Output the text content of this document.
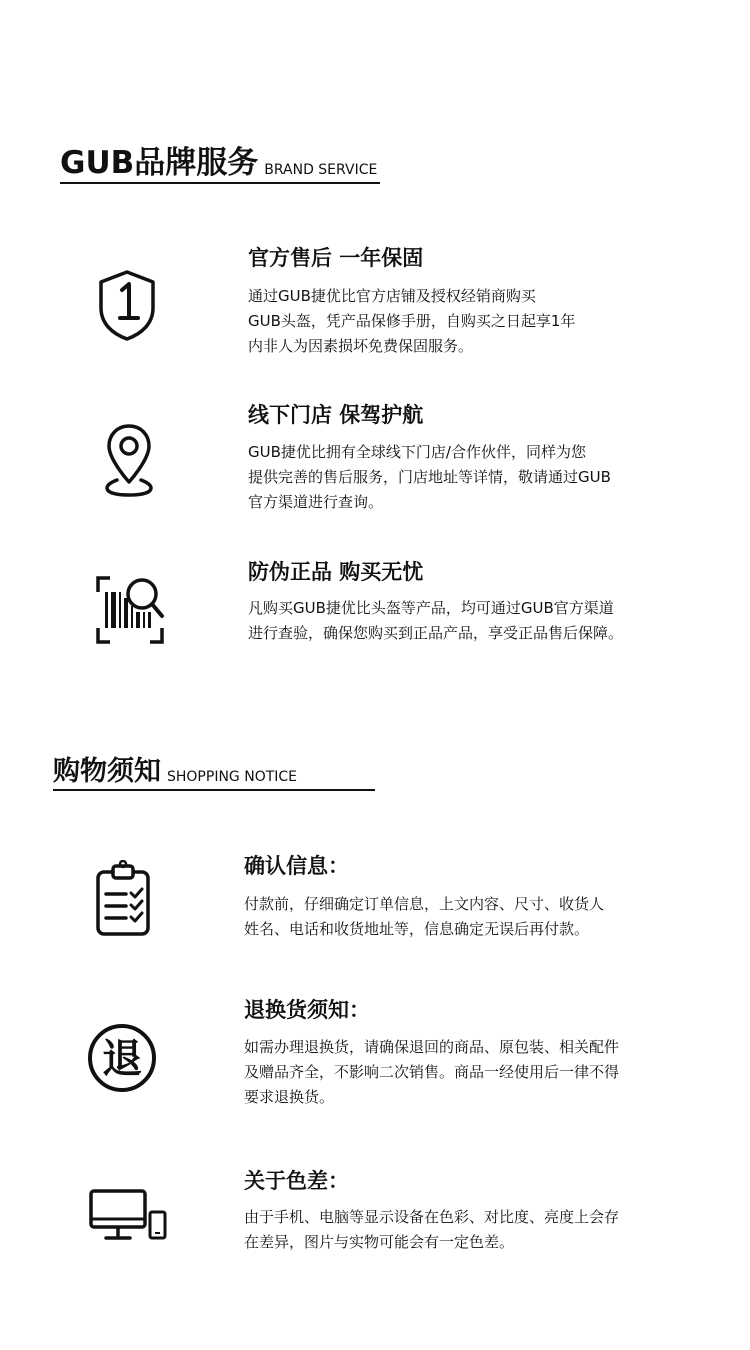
GUB品牌服务 BRAND SERVICE
官方售后 一年保固
通过GUB捷优比官方店铺及授权经销商购买
GUB头盔，凭产品保修手册，自购买之日起享1年
内非人为因素损坏免费保固服务。
线下门店 保驾护航
GUB捷优比拥有全球线下门店/合作伙伴，同样为您
提供完善的售后服务，门店地址等详情，敬请通过GUB
官方渠道进行查询。
防伪正品 购买无忧
凡购买GUB捷优比头盔等产品，均可通过GUB官方渠道
进行查验，确保您购买到正品产品，享受正品售后保障。
购物须知 SHOPPING NOTICE
确认信息：
付款前，仔细确定订单信息，上文内容、尺寸、收货人
姓名、电话和收货地址等，信息确定无误后再付款。
退
退换货须知：
如需办理退换货，请确保退回的商品、原包装、相关配件
及赠品齐全，不影响二次销售。商品一经使用后一律不得
要求退换货。
关于色差：
由于手机、电脑等显示设备在色彩、对比度、亮度上会存
在差异，图片与实物可能会有一定色差。
